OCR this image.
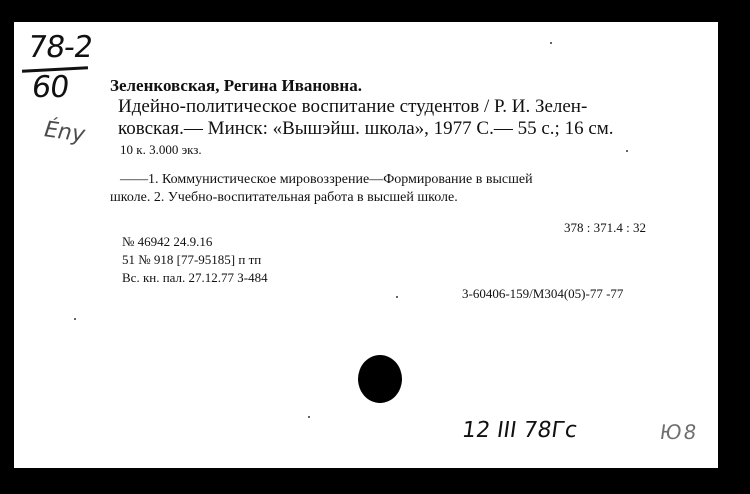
78-2
60
Ény
Зеленковская, Регина Ивановна.
Идейно-политическое воспитание студентов / Р. И. Зелен-
ковская.— Минск: «Вышэйш. школа», 1977 С.— 55 с.; 16 см.
10 к. 3.000 экз.
——1. Коммунистическое мировоззрение—Формирование в высшей
школе. 2. Учебно-воспитательная работа в высшей школе.
378 : 371.4 : 32
№ 46942 24.9.16
51 № 918 [77-95185] п тп
Вс. кн. пал. 27.12.77 З-484
3-60406-159/М304(05)-77 -77
12 III 78Гс	Ю8
